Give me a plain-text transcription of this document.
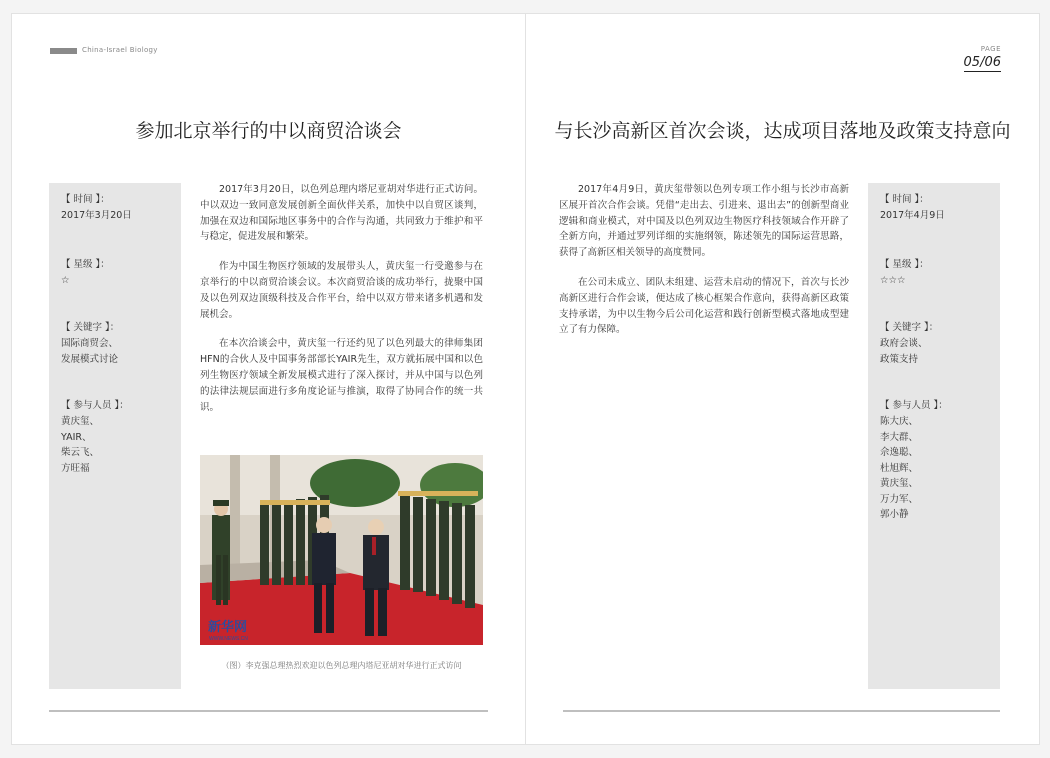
China-Israel Biology
参加北京举行的中以商贸洽谈会
【 时间 】：
2017年3月20日
【 星级 】：
☆
【 关键字 】：
国际商贸会、
发展模式讨论
【 参与人员 】：
黄庆玺、
YAIR、
柴云飞、
方旺福

2017年3月20日，以色列总理内塔尼亚胡对华进行正式访问。中以双边一致同意发展创新全面伙伴关系，加快中以自贸区谈判，加强在双边和国际地区事务中的合作与沟通，共同致力于维护和平与稳定，促进发展和繁荣。

作为中国生物医疗领域的发展带头人，黄庆玺一行受邀参与在京举行的中以商贸洽谈会议。本次商贸洽谈的成功举行，拢聚中国及以色列双边顶级科技及合作平台，给中以双方带来诸多机遇和发展机会。

在本次洽谈会中，黄庆玺一行还约见了以色列最大的律师集团HFN的合伙人及中国事务部部长YAIR先生，双方就拓展中国和以色列生物医疗领域全新发展模式进行了深入探讨，并从中国与以色列的法律法规层面进行多角度论证与推演，取得了协同合作的统一共识。

新华网
WWW.NEWS.CN
（图）李克强总理热烈欢迎以色列总理内塔尼亚胡对华进行正式访问
PAGE
05/06
与长沙高新区首次会谈，达成项目落地及政策支持意向

2017年4月9日，黄庆玺带领以色列专项工作小组与长沙市高新区展开首次合作会谈。凭借“走出去、引进来、退出去”的创新型商业逻辑和商业模式，对中国及以色列双边生物医疗科技领域合作开辟了全新方向，并通过罗列详细的实施纲领，陈述领先的国际运营思路，获得了高新区相关领导的高度赞同。

在公司未成立、团队未组建、运营未启动的情况下，首次与长沙高新区进行合作会谈，便达成了核心框架合作意向，获得高新区政策支持承诺，为中以生物今后公司化运营和践行创新型模式落地成型建立了有力保障。

【 时间 】：
2017年4月9日
【 星级 】：
☆☆☆
【 关键字 】：
政府会谈、
政策支持
【 参与人员 】：
陈大庆、
李大群、
佘逸聪、
杜旭辉、
黄庆玺、
万力军、
郭小静
